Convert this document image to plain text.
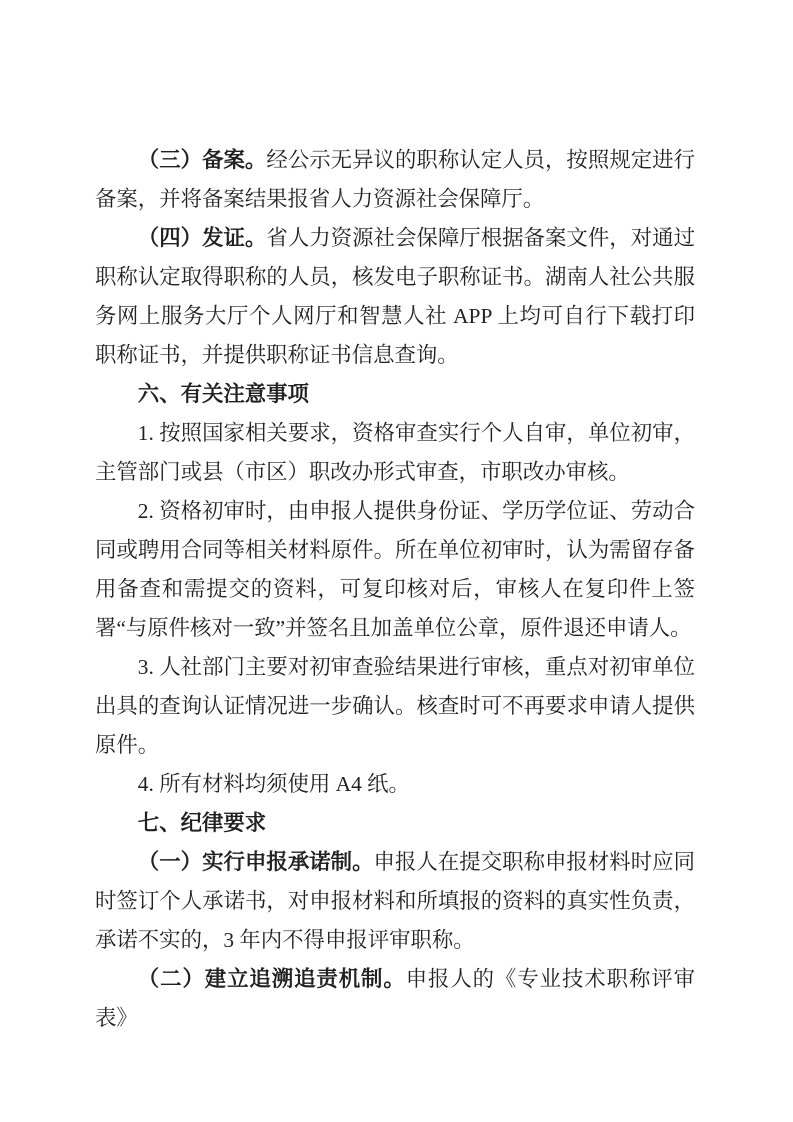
（三）备案。经公示无异议的职称认定人员，按照规定进行备案，并将备案结果报省人力资源社会保障厅。

（四）发证。省人力资源社会保障厅根据备案文件，对通过职称认定取得职称的人员，核发电子职称证书。湖南人社公共服务网上服务大厅个人网厅和智慧人社 APP 上均可自行下载打印职称证书，并提供职称证书信息查询。

六、有关注意事项

1. 按照国家相关要求，资格审查实行个人自审，单位初审，主管部门或县（市区）职改办形式审查，市职改办审核。

2. 资格初审时，由申报人提供身份证、学历学位证、劳动合同或聘用合同等相关材料原件。所在单位初审时，认为需留存备用备查和需提交的资料，可复印核对后，审核人在复印件上签署“与原件核对一致”并签名且加盖单位公章，原件退还申请人。

3. 人社部门主要对初审查验结果进行审核，重点对初审单位出具的查询认证情况进一步确认。核查时可不再要求申请人提供原件。

4. 所有材料均须使用 A4 纸。

七、纪律要求

（一）实行申报承诺制。申报人在提交职称申报材料时应同时签订个人承诺书，对申报材料和所填报的资料的真实性负责，承诺不实的，3 年内不得申报评审职称。

（二）建立追溯追责机制。申报人的《专业技术职称评审表》
